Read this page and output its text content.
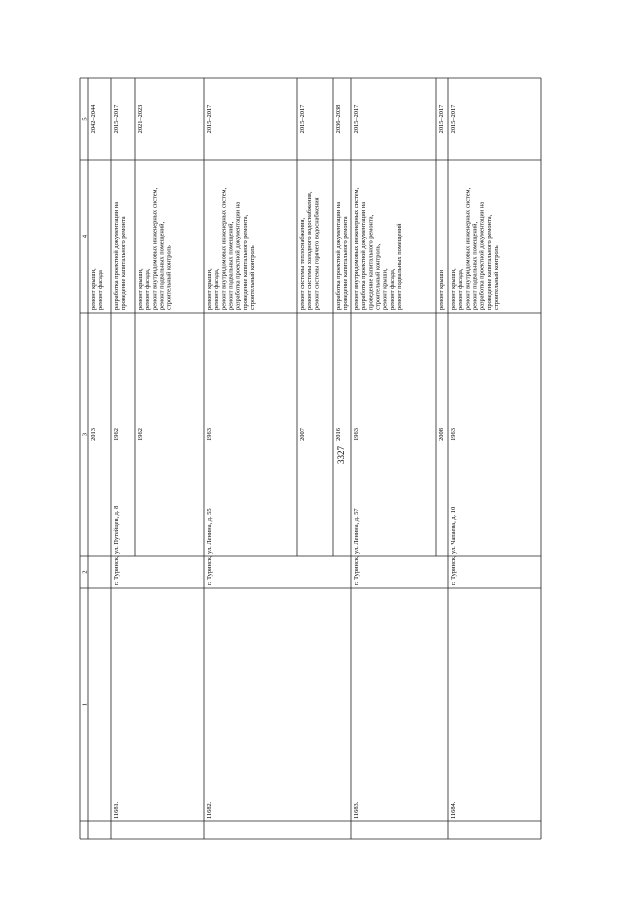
3327
1
2
3
4
5
2013
ремонт крыши, ремонт фасада
2042–2044
11681.
г. Туринск, ул. Путейцев, д. 8
1962
разработка проектной документации на проведение капитального ремонта
2015–2017
1962
ремонт крыши, ремонт фасада, ремонт внутридомовых инженерных систем, ремонт подвальных помещений, строительный контроль
2021–2023
11682.
г. Туринск, ул. Ленина, д. 55
1963
ремонт крыши, ремонт фасада, ремонт внутридомовых инженерных систем, ремонт подвальных помещений, разработка проектной документации на проведение капитального ремонта, строительный контроль
2015–2017
2007
ремонт системы теплоснабжения, ремонт системы холодного водоснабжения, ремонт системы горячего водоснабжения
2015–2017
2016
разработка проектной документации на проведение капитального ремонта
2036–2038
11683.
г. Туринск, ул. Ленина, д. 57
1963
ремонт внутридомовых инженерных систем, разработка проектной документации на проведение капитального ремонта, строительный контроль, ремонт крыши, ремонт фасада, ремонт подвальных помещений
2015–2017
2008
ремонт крыши
2015–2017
11684.
г. Туринск, ул. Чапаева, д. 10
1963
ремонт крыши, ремонт фасада, ремонт внутридомовых инженерных систем, ремонт подвальных помещений, разработка проектной документации на проведение капитального ремонта, строительный контроль
2015–2017
